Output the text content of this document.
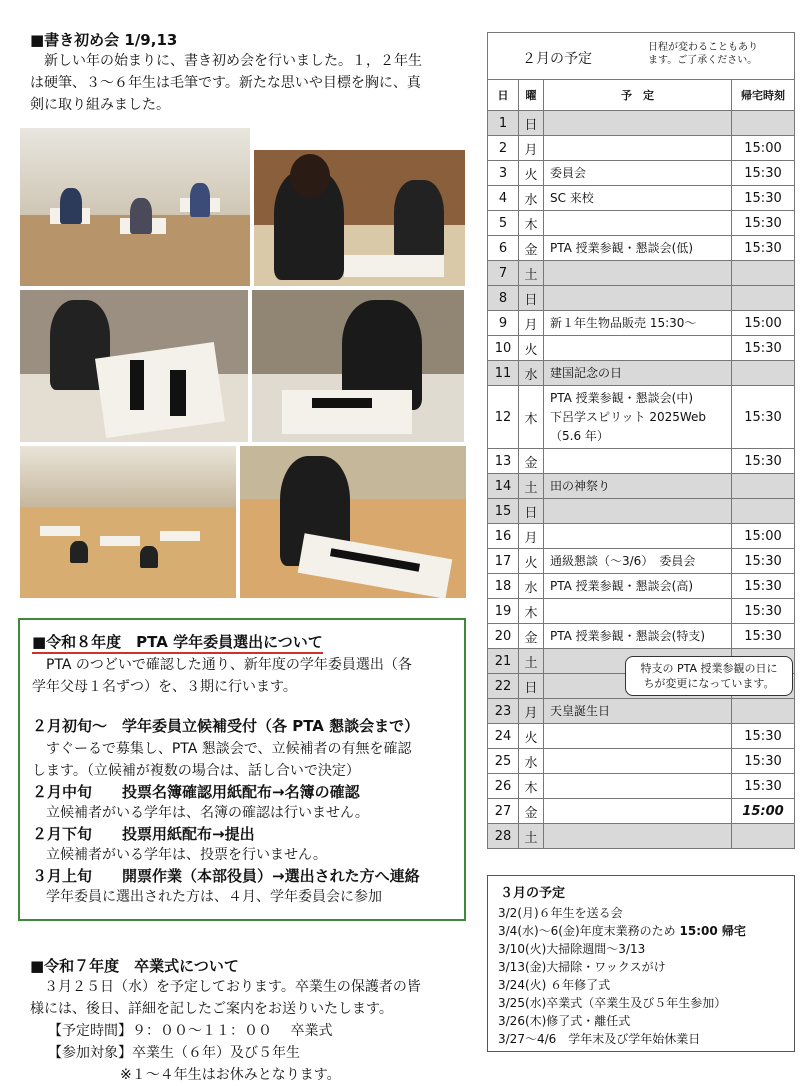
■書き初め会 1/9,13
新しい年の始まりに、書き初め会を行いました。１，２年生
は硬筆、３～６年生は毛筆です。新たな思いや目標を胸に、真
剣に取り組みました。
■令和８年度　PTA 学年委員選出について
PTA のつどいで確認した通り、新年度の学年委員選出（各
学年父母１名ずつ）を、３期に行います。
２月初旬～　学年委員立候補受付（各 PTA 懇談会まで）
すぐーるで募集し、PTA 懇談会で、立候補者の有無を確認
します。（立候補が複数の場合は、話し合いで決定）
２月中旬　　投票名簿確認用紙配布→名簿の確認
立候補者がいる学年は、名簿の確認は行いません。
２月下旬　　投票用紙配布→提出
立候補者がいる学年は、投票を行いません。
３月上旬　　開票作業（本部役員）→選出された方へ連絡
学年委員に選出された方は、４月、学年委員会に参加
■令和７年度　卒業式について
３月２５日（水）を予定しております。卒業生の保護者の皆
様には、後日、詳細を記したご案内をお送りいたします。
【予定時間】９：００～１１：００　 卒業式
【参加対象】卒業生（６年）及び５年生
※１～４年生はお休みとなります。
２月の予定
日程が変わることもあり
ます。ご了承ください。			

日	曜	予　定	帰宅時刻
1	日		
2	月		15:00
3	火	委員会	15:30
4	水	SC 来校	15:30
5	木		15:30
6	金	PTA 授業参観・懇談会(低)	15:30
7	土		
8	日		
9	月	新１年生物品販売 15:30～	15:00
10	火		15:30
11	水	建国記念の日	
12	木	PTA 授業参観・懇談会(中)
下呂学スピリット 2025Web
（5.6 年）	15:30
13	金		15:30
14	土	田の神祭り	
15	日		
16	月		15:00
17	火	通級懇談（～3/6）　委員会	15:30
18	水	PTA 授業参観・懇談会(高)	15:30
19	木		15:30
20	金	PTA 授業参観・懇談会(特支)	15:30
21	土		
22	日		
23	月	天皇誕生日	
24	火		15:30
25	水		15:30
26	木		15:30
27	金		15:00
28	土		
特支の PTA 授業参観の日に
ちが変更になっています。
３月の予定
3/2(月)６年生を送る会
3/4(水)～6(金)年度末業務のため 15:00 帰宅
3/10(火)大掃除週間～3/13
3/13(金)大掃除・ワックスがけ
3/24(火) ６年修了式
3/25(水)卒業式（卒業生及び５年生参加）
3/26(木)修了式・離任式
3/27～4/6　学年末及び学年始休業日
